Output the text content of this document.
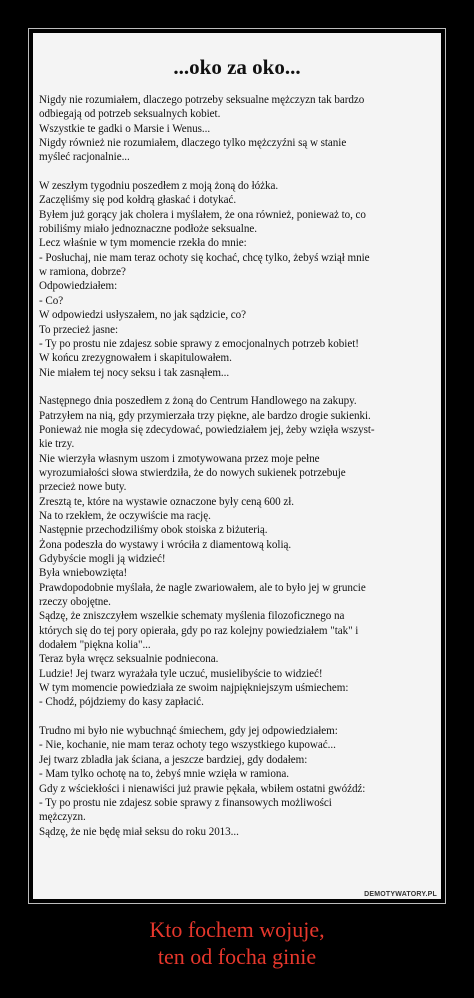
...oko za oko...

Nigdy nie rozumiałem, dlaczego potrzeby seksualne mężczyzn tak bardzo
odbiegają od potrzeb seksualnych kobiet.
Wszystkie te gadki o Marsie i Wenus...
Nigdy również nie rozumiałem, dlaczego tylko mężczyźni są w stanie
myśleć racjonalnie...

W zeszłym tygodniu poszedłem z moją żoną do łóżka.
Zaczęliśmy się pod kołdrą głaskać i dotykać.
Byłem już gorący jak cholera i myślałem, że ona również, ponieważ to, co
robiliśmy miało jednoznaczne podłoże seksualne.
Lecz właśnie w tym momencie rzekła do mnie:
- Posłuchaj, nie mam teraz ochoty się kochać, chcę tylko, żebyś wziął mnie
w ramiona, dobrze?
Odpowiedziałem:
- Co?
W odpowiedzi usłyszałem, no jak sądzicie, co?
To przecież jasne:
- Ty po prostu nie zdajesz sobie sprawy z emocjonalnych potrzeb kobiet!
W końcu zrezygnowałem i skapitulowałem.
Nie miałem tej nocy seksu i tak zasnąłem...

Następnego dnia poszedłem z żoną do Centrum Handlowego na zakupy.
Patrzyłem na nią, gdy przymierzała trzy piękne, ale bardzo drogie sukienki.
Ponieważ nie mogła się zdecydować, powiedziałem jej, żeby wzięła wszyst-
kie trzy.
Nie wierzyła własnym uszom i zmotywowana przez moje pełne
wyrozumiałości słowa stwierdziła, że do nowych sukienek potrzebuje
przecież nowe buty.
Zresztą te, które na wystawie oznaczone były ceną 600 zł.
Na to rzekłem, że oczywiście ma rację.
Następnie przechodziliśmy obok stoiska z biżuterią.
Żona podeszła do wystawy i wróciła z diamentową kolią.
Gdybyście mogli ją widzieć!
Była wniebowzięta!
Prawdopodobnie myślała, że nagle zwariowałem, ale to było jej w gruncie
rzeczy obojętne.
Sądzę, że zniszczyłem wszelkie schematy myślenia filozoficznego na
których się do tej pory opierała, gdy po raz kolejny powiedziałem "tak" i
dodałem "piękna kolia"...
Teraz była wręcz seksualnie podniecona.
Ludzie! Jej twarz wyrażała tyle uczuć, musielibyście to widzieć!
W tym momencie powiedziała ze swoim najpiękniejszym uśmiechem:
- Chodź, pójdziemy do kasy zapłacić.

Trudno mi było nie wybuchnąć śmiechem, gdy jej odpowiedziałem:
- Nie, kochanie, nie mam teraz ochoty tego wszystkiego kupować...
Jej twarz zbladła jak ściana, a jeszcze bardziej, gdy dodałem:
- Mam tylko ochotę na to, żebyś mnie wzięła w ramiona.
Gdy z wściekłości i nienawiści już prawie pękała, wbiłem ostatni gwóźdź:
- Ty po prostu nie zdajesz sobie sprawy z finansowych możliwości
mężczyzn.
Sądzę, że nie będę miał seksu do roku 2013...

DEMOTYWATORY.PL
Kto fochem wojuje,
ten od focha ginie
